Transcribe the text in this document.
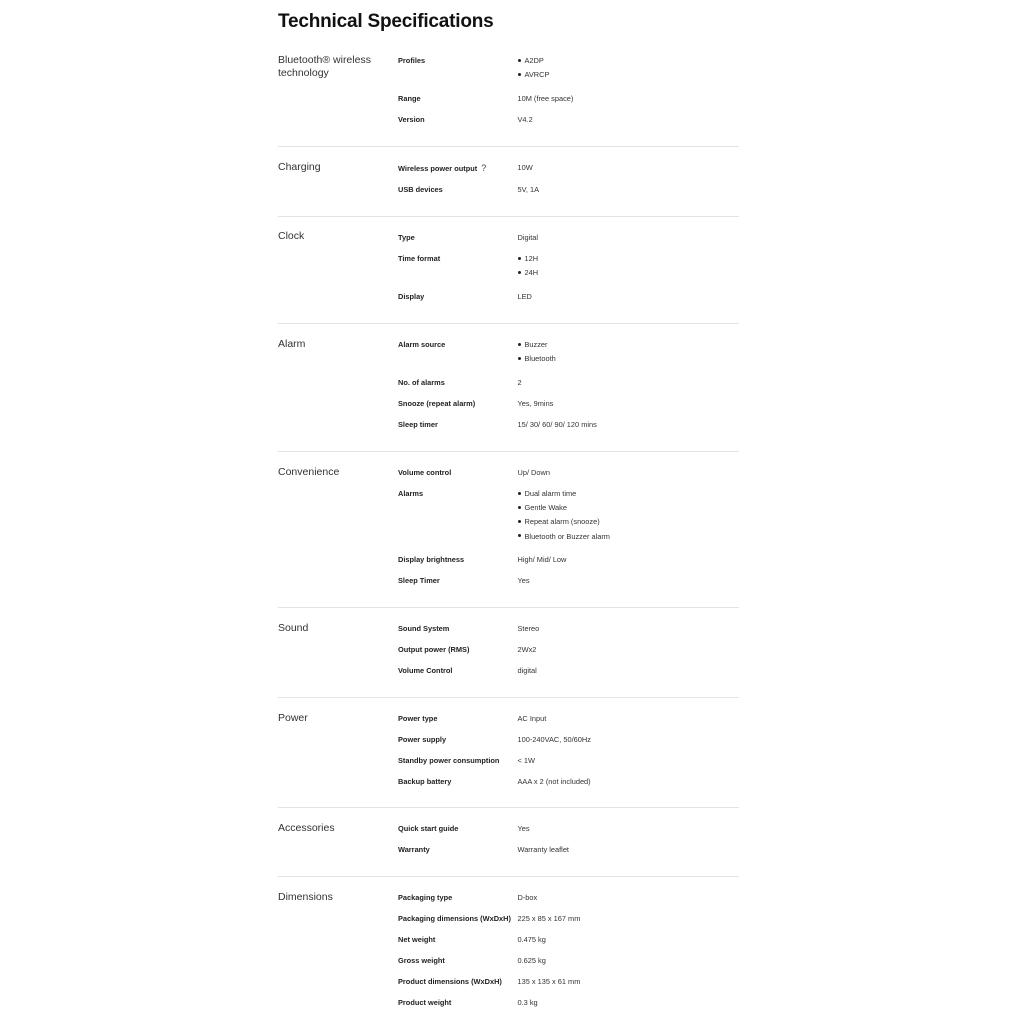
Technical Specifications
Bluetooth® wireless technology
Profiles	A2DP
AVRCP
Range	10M (free space)
Version	V4.2
Charging	Wireless power output ?	10W
USB devices	5V, 1A
Clock	Type	Digital
Time format	12H
24H
Display	LED
Alarm	Alarm source	Buzzer
Bluetooth
No. of alarms	2
Snooze (repeat alarm)	Yes, 9mins
Sleep timer	15/ 30/ 60/ 90/ 120 mins
Convenience	Volume control	Up/ Down
Alarms	Dual alarm time
Gentle Wake
Repeat alarm (snooze)
Bluetooth or Buzzer alarm
Display brightness	High/ Mid/ Low
Sleep Timer	Yes
Sound	Sound System	Stereo
Output power (RMS)	2Wx2
Volume Control	digital
Power	Power type	AC Input
Power supply	100-240VAC, 50/60Hz
Standby power consumption	< 1W
Backup battery	AAA x 2 (not included)
Accessories	Quick start guide	Yes
Warranty	Warranty leaflet
Dimensions	Packaging type	D-box
Packaging dimensions (WxDxH) 225 x 85 x 167 mm
Net weight	0.475 kg
Gross weight	0.625 kg
Product dimensions (WxDxH)	135 x 135 x 61 mm
Product weight	0.3 kg
